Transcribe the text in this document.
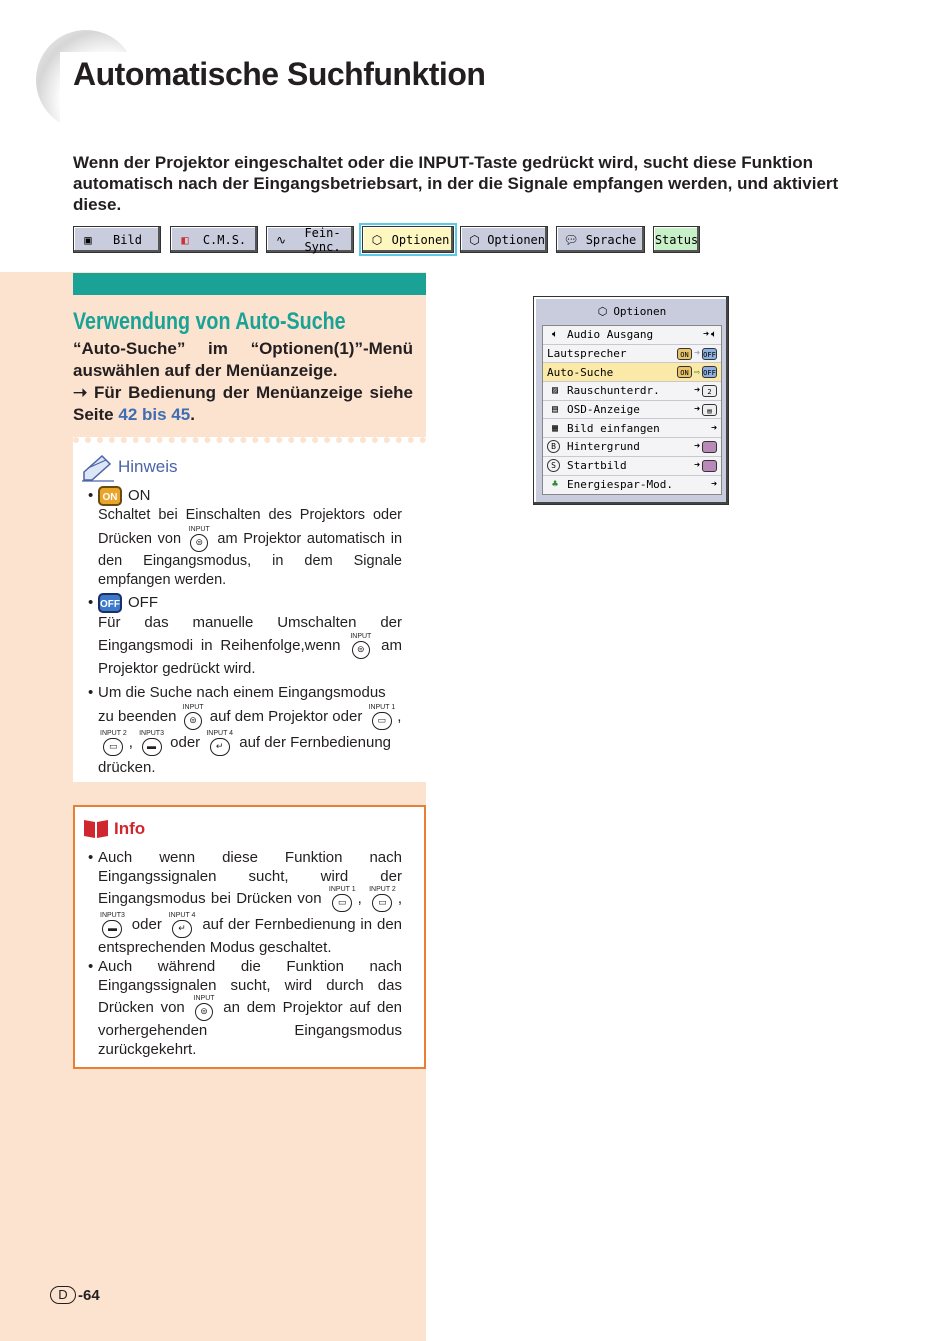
Automatische Suchfunktion

Wenn der Projektor eingeschaltet oder die INPUT-Taste gedrückt wird, sucht diese Funktion automatisch nach der Eingangsbetriebsart, in der die Signale empfangen werden, und aktiviert diese.

▣	Bild	◧	C.M.S.	∿	Fein-Sync.	⬡ Optionen	⬡ Optionen 💬︎ Sprache	Status
Verwendung von Auto-Suche
“Auto-Suche” im “Optionen(1)”-Menü auswählen auf der Menüanzeige.
➝ Für Bedienung der Menüanzeige siehe Seite 42 bis 45.
Hinweis
• ON ON
Schaltet bei Einschalten des Projektors oder Drücken von
INPUT
⊜ am Projektor automatisch in den Eingangsmodus, in dem Signale empfangen werden.
• OFF OFF
Für das manuelle Umschalten der Eingangsmodi in Reihenfolge,wenn
INPUT
⊜	am Projektor gedrückt wird.
• Um die Suche nach einem Eingangsmodus zu beenden
INPUT
⊜ auf dem Projektor oder
INPUT 1
▭ ,
INPUT 2
▭ ,
INPUT3
▬ oder
INPUT 4
↵	auf der Fernbedienung drücken.
Info
• Auch wenn diese Funktion nach Eingangssignalen sucht, wird der Eingangsmodus bei Drücken von
INPUT 1
▭ ,
INPUT 2
▭ ,
INPUT3
▬ oder
INPUT 4
↵	auf der Fernbedienung in den entsprechenden Modus geschaltet.
• Auch während die Funktion nach Eingangssignalen sucht, wird durch das Drücken von
INPUT
⊜	an dem Projektor auf den vorhergehenden Eingangsmodus zurückgekehrt.
⬡ Optionen
🔈︎ Audio Ausgang	➜ 🔈︎
Lautsprecher	ON ➜ OFF
Auto-Suche	ON ⇨ OFF
▨ Rauschunterdr.	➜	2
▤ OSD-Anzeige	➜	▤
▦ Bild einfangen	➜
B	Hintergrund	➜
S	Startbild	➜
♣ Energiespar-Mod.	➜
D -64
